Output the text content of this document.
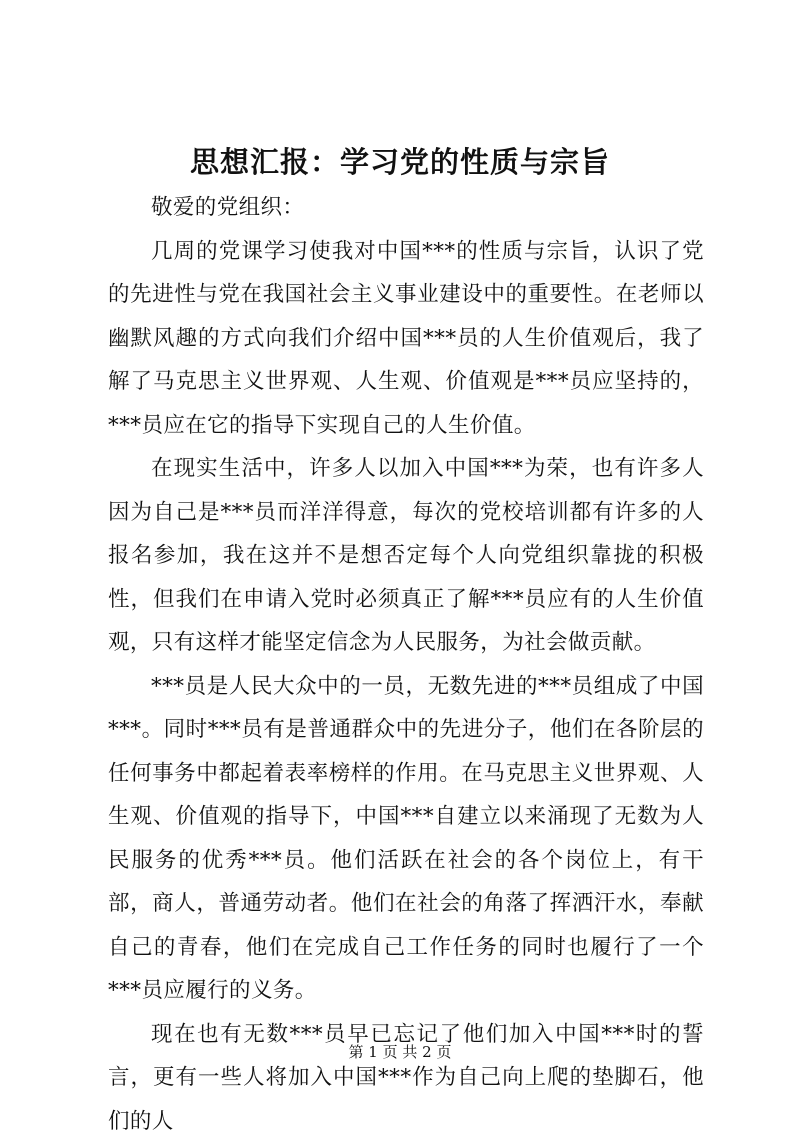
思想汇报：学习党的性质与宗旨

敬爱的党组织：

几周的党课学习使我对中国***的性质与宗旨，认识了党的先进性与党在我国社会主义事业建设中的重要性。在老师以幽默风趣的方式向我们介绍中国***员的人生价值观后，我了解了马克思主义世界观、人生观、价值观是***员应坚持的，***员应在它的指导下实现自己的人生价值。

在现实生活中，许多人以加入中国***为荣，也有许多人因为自己是***员而洋洋得意，每次的党校培训都有许多的人报名参加，我在这并不是想否定每个人向党组织靠拢的积极性，但我们在申请入党时必须真正了解***员应有的人生价值观，只有这样才能坚定信念为人民服务，为社会做贡献。

***员是人民大众中的一员，无数先进的***员组成了中国***。同时***员有是普通群众中的先进分子，他们在各阶层的任何事务中都起着表率榜样的作用。在马克思主义世界观、人生观、价值观的指导下，中国***自建立以来涌现了无数为人民服务的优秀***员。他们活跃在社会的各个岗位上，有干部，商人，普通劳动者。他们在社会的角落了挥洒汗水，奉献自己的青春，他们在完成自己工作任务的同时也履行了一个***员应履行的义务。

现在也有无数***员早已忘记了他们加入中国***时的誓言，更有一些人将加入中国***作为自己向上爬的垫脚石，他们的人

第 1 页 共 2 页
